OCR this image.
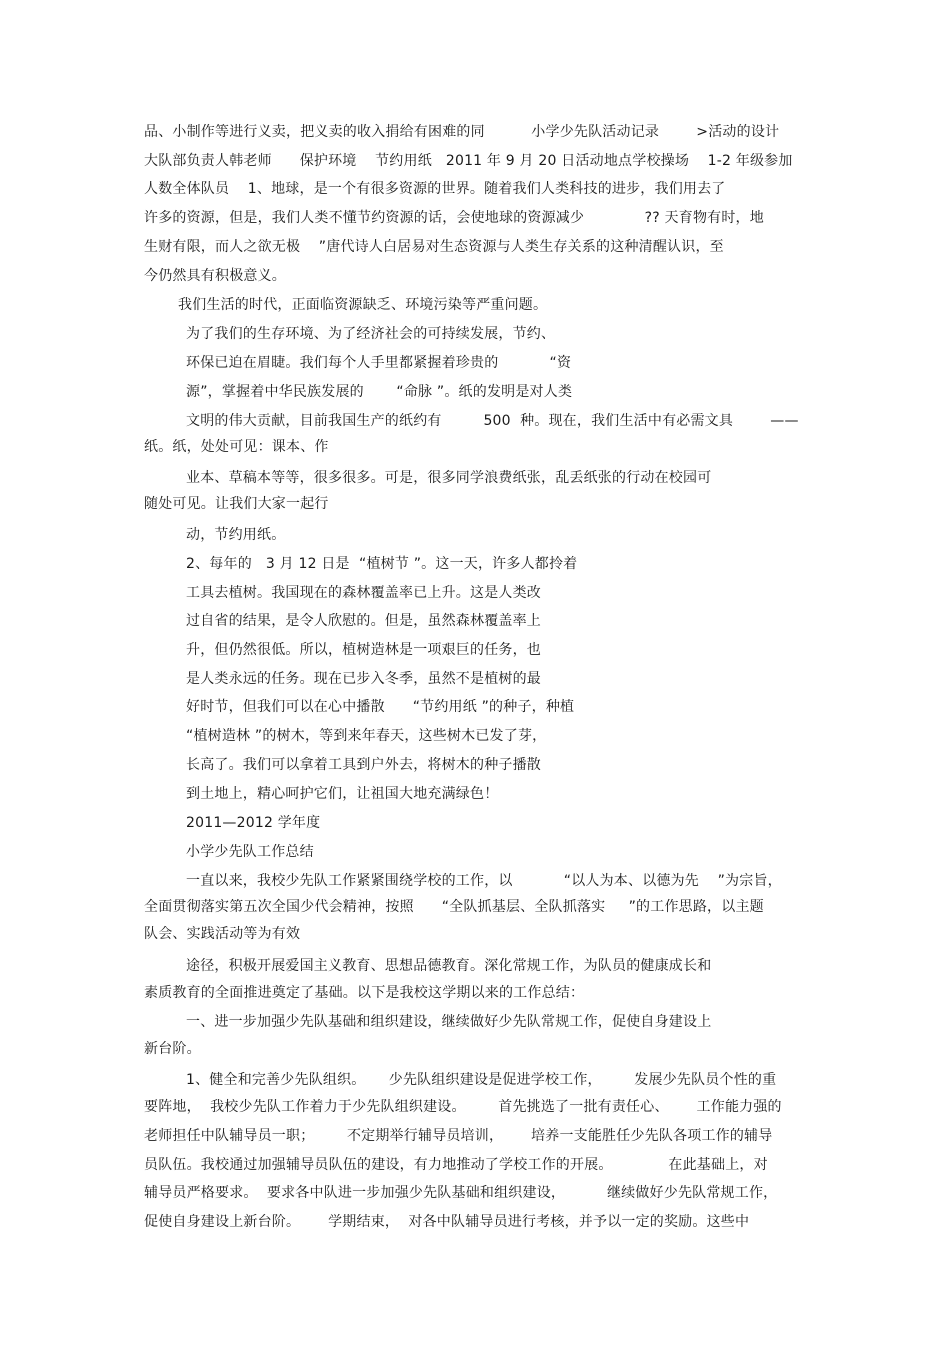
品、小制作等进行义卖，把义卖的收入捐给有困难的同          小学少先队活动记录        >活动的设计
大队部负责人韩老师      保护环境    节约用纸   2011 年 9 月 20 日活动地点学校操场    1-2 年级参加
人数全体队员    1、地球，是一个有很多资源的世界。随着我们人类科技的进步，我们用去了
许多的资源，但是，我们人类不懂节约资源的话，会使地球的资源减少             ?? 天育物有时，地
生财有限，而人之欲无极    ”唐代诗人白居易对生态资源与人类生存关系的这种清醒认识，至
今仍然具有积极意义。
我们生活的时代，正面临资源缺乏、环境污染等严重问题。
为了我们的生存环境、为了经济社会的可持续发展，节约、
环保已迫在眉睫。我们每个人手里都紧握着珍贵的           “资
源”，掌握着中华民族发展的       “命脉 ”。纸的发明是对人类
文明的伟大贡献，目前我国生产的纸约有         500  种。现在，我们生活中有必需文具        ——
纸。纸，处处可见：课本、作
业本、草稿本等等，很多很多。可是，很多同学浪费纸张，乱丢纸张的行动在校园可
随处可见。让我们大家一起行
动，节约用纸。
2、每年的   3 月 12 日是  “植树节 ”。这一天，许多人都拎着
工具去植树。我国现在的森林覆盖率已上升。这是人类改
过自省的结果，是令人欣慰的。但是，虽然森林覆盖率上
升，但仍然很低。所以，植树造林是一项艰巨的任务，也
是人类永远的任务。现在已步入冬季，虽然不是植树的最
好时节，但我们可以在心中播散      “节约用纸 ”的种子，种植
“植树造林 ”的树木，等到来年春天，这些树木已发了芽，
长高了。我们可以拿着工具到户外去，将树木的种子播散
到土地上，精心呵护它们，让祖国大地充满绿色！
2011—2012 学年度
小学少先队工作总结
一直以来，我校少先队工作紧紧围绕学校的工作，以           “以人为本、以德为先    ”为宗旨，
全面贯彻落实第五次全国少代会精神，按照      “全队抓基层、全队抓落实     ”的工作思路，以主题
队会、实践活动等为有效
途径，积极开展爱国主义教育、思想品德教育。深化常规工作，为队员的健康成长和
素质教育的全面推进奠定了基础。以下是我校这学期以来的工作总结：
一、进一步加强少先队基础和组织建设，继续做好少先队常规工作，促使自身建设上
新台阶。
1、健全和完善少先队组织。     少先队组织建设是促进学校工作，       发展少先队员个性的重
要阵地，  我校少先队工作着力于少先队组织建设。       首先挑选了一批有责任心、      工作能力强的
老师担任中队辅导员一职；       不定期举行辅导员培训，      培养一支能胜任少先队各项工作的辅导
员队伍。我校通过加强辅导员队伍的建设，有力地推动了学校工作的开展。            在此基础上，对
辅导员严格要求。  要求各中队进一步加强少先队基础和组织建设，         继续做好少先队常规工作，
促使自身建设上新台阶。      学期结束，  对各中队辅导员进行考核，并予以一定的奖励。这些中
